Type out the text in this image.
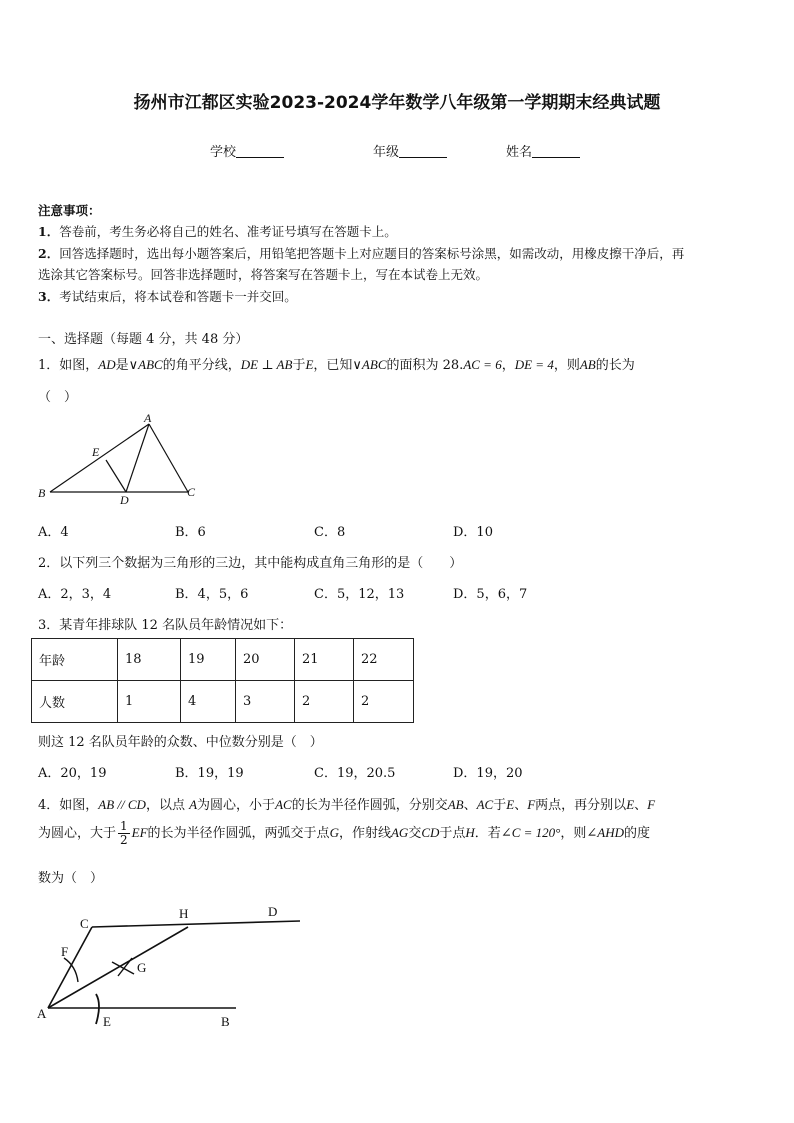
扬州市江都区实验2023-2024学年数学八年级第一学期期末经典试题
学校	年级	姓名
注意事项：
1．答卷前，考生务必将自己的姓名、准考证号填写在答题卡上。
2．回答选择题时，选出每小题答案后，用铅笔把答题卡上对应题目的答案标号涂黑，如需改动，用橡皮擦干净后，再
选涂其它答案标号。回答非选择题时，将答案写在答题卡上，写在本试卷上无效。
3．考试结束后，将本试卷和答题卡一并交回。
一、选择题（每题 4 分，共 48 分）
1．如图，AD是∨ABC的角平分线，DE ⊥ AB于E，已知∨ABC的面积为 28.AC = 6，DE = 4，则AB的长为
（　）
A
B	C
D
E
A．4	B．6	C．8	D．10
2．以下列三个数据为三角形的三边，其中能构成直角三角形的是（　　）
A．2，3，4	B．4，5，6	C．5，12，13	D．5，6，7
3．某青年排球队 12 名队员年龄情况如下：
年龄	18	19	20	21	22
人数	1	4	3	2	2
则这 12 名队员年龄的众数、中位数分别是（　）
A．20，19	B．19，19	C．19，20.5	D．19，20
4．如图，AB // CD，以点 A为圆心，小于AC的长为半径作圆弧，分别交AB、AC于E、F两点，再分别以E、F
为圆心，大于 $\frac{1}{2}$ EF的长为半径作圆弧，两弧交于点G，作射线AG交CD于点H．若∠C = 120°，则∠AHD的度
数为（　）
C
H	D
F
G
A
E	B
